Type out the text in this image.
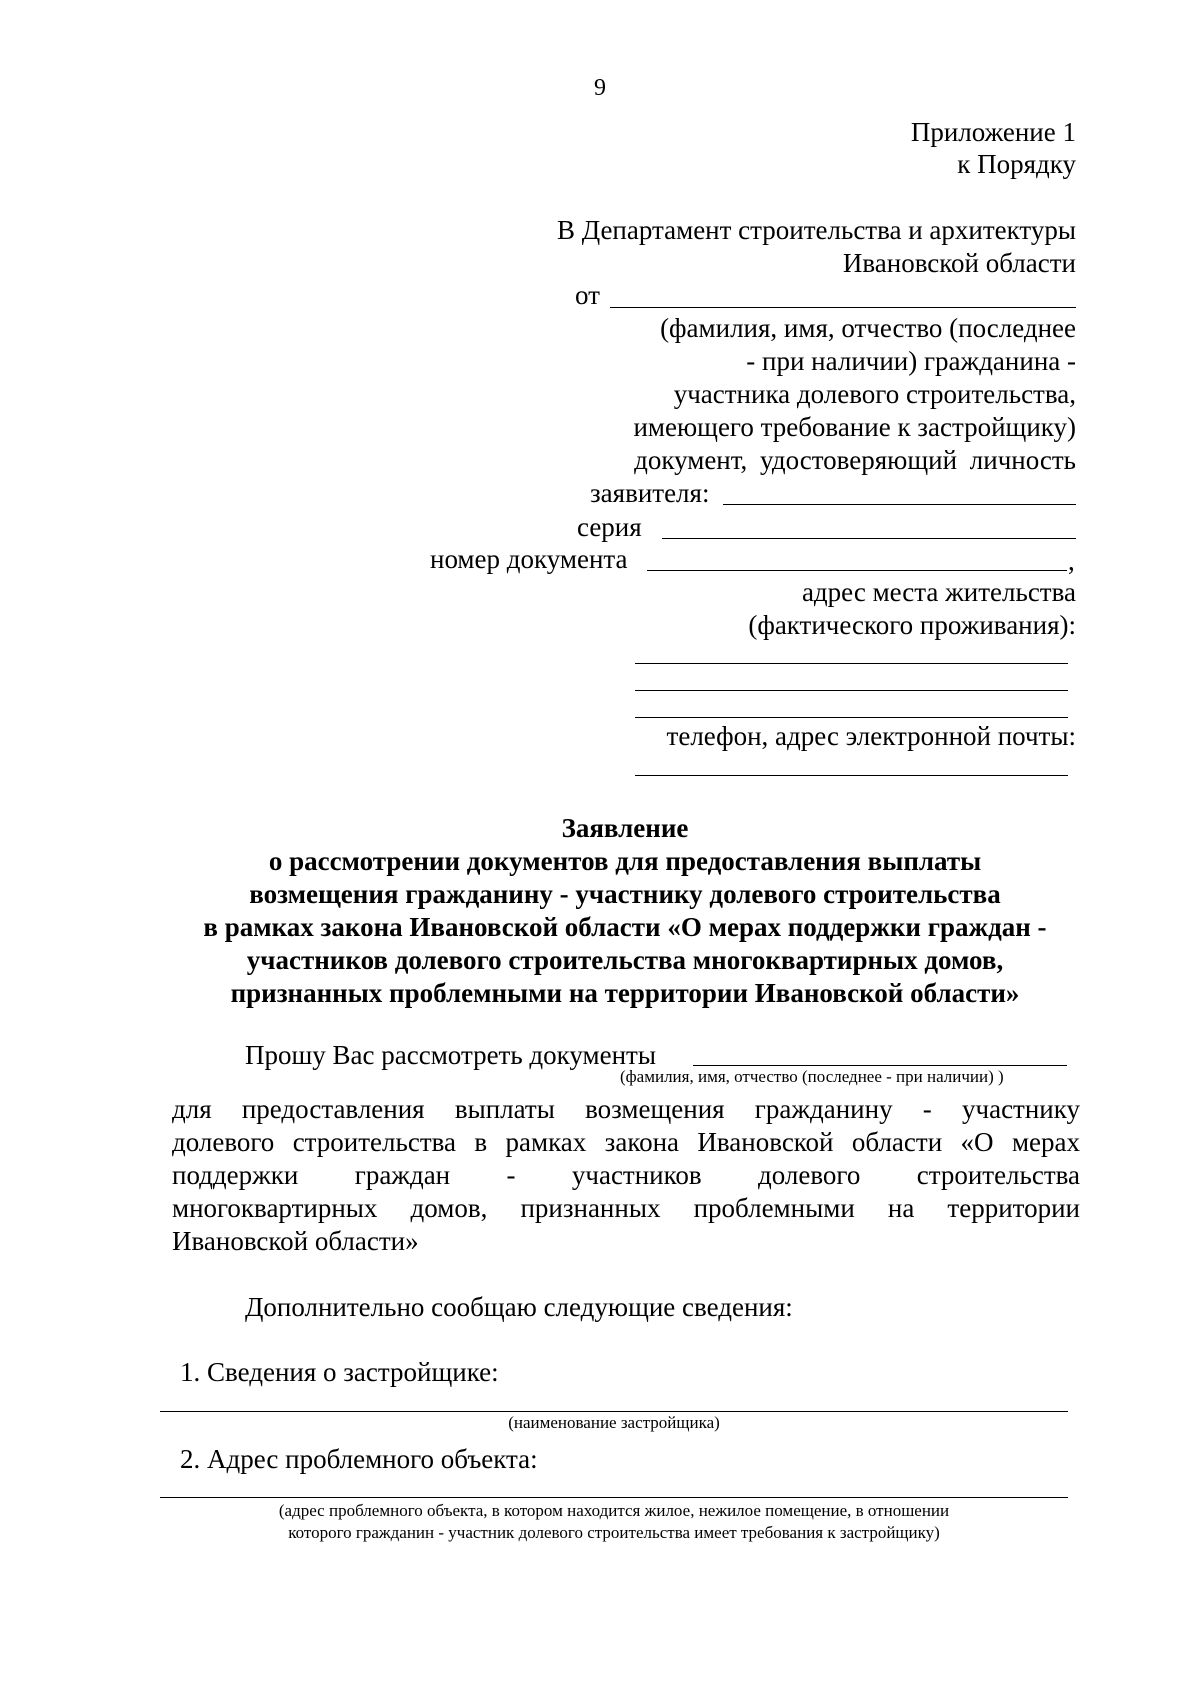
9
Приложение 1
к Порядку
В Департамент строительства и архитектуры
Ивановской области
от
(фамилия, имя, отчество (последнее
- при наличии) гражданина -
участника долевого строительства,
имеющего требование к застройщику)
документ, удостоверяющий личность
заявителя:
серия
номер документа	,
адрес места жительства
(фактического проживания):
телефон, адрес электронной почты:
Заявление
о рассмотрении документов для предоставления выплаты
возмещения гражданину - участнику долевого строительства
в рамках закона Ивановской области «О мерах поддержки граждан -
участников долевого строительства многоквартирных домов,
признанных проблемными на территории Ивановской области»
Прошу Вас рассмотреть документы
(фамилия, имя, отчество (последнее - при наличии) )
для предоставления выплаты возмещения гражданину - участнику
долевого строительства в рамках закона Ивановской области «О мерах
поддержки граждан - участников долевого строительства
многоквартирных домов, признанных проблемными на территории
Ивановской области»
Дополнительно сообщаю следующие сведения:
1. Сведения о застройщике:
(наименование застройщика)
2. Адрес проблемного объекта:
(адрес проблемного объекта, в котором находится жилое, нежилое помещение, в отношении
которого гражданин - участник долевого строительства имеет требования к застройщику)
